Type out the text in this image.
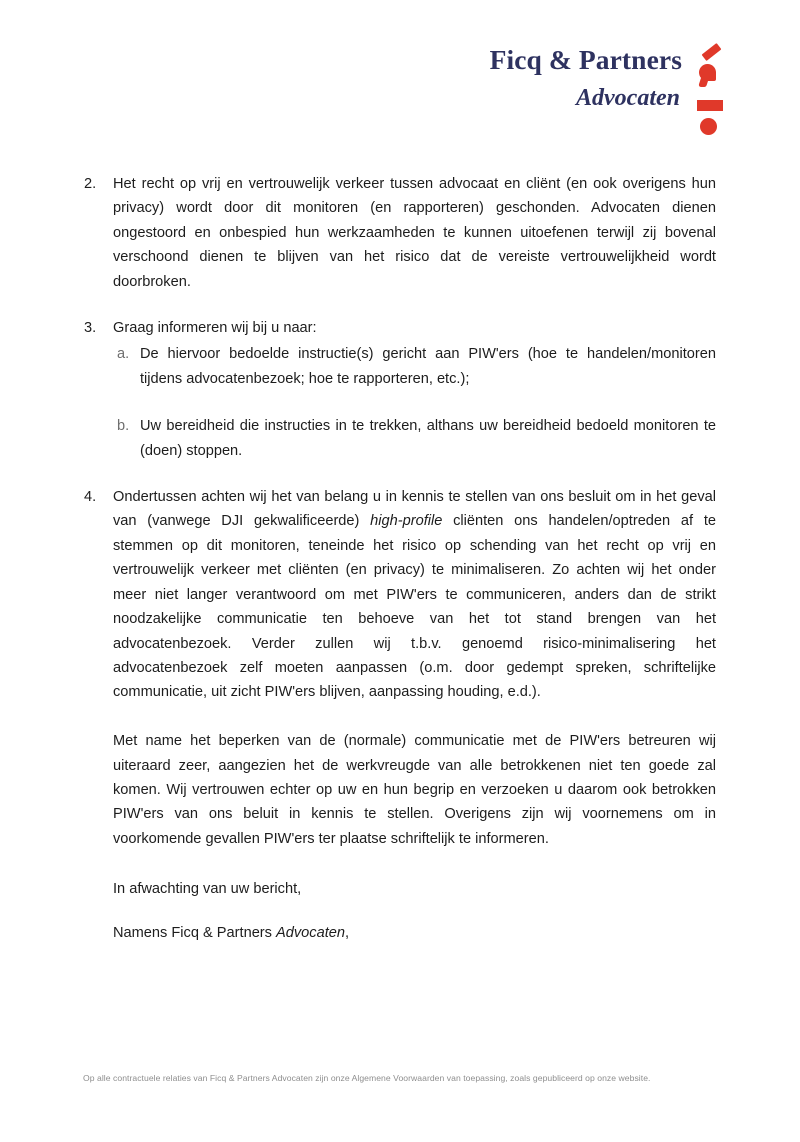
Ficq & Partners
Advocaten
2.	Het recht op vrij en vertrouwelijk verkeer tussen advocaat en cliënt (en ook overigens hun privacy) wordt door dit monitoren (en rapporteren) geschonden. Advocaten dienen ongestoord en onbespied hun werkzaamheden te kunnen uitoefenen terwijl zij bovenal verschoond dienen te blijven van het risico dat de vereiste vertrouwelijkheid wordt doorbroken.

3.	Graag informeren wij bij u naar:

a. De hiervoor bedoelde instructie(s) gericht aan PIW'ers (hoe te handelen/monitoren tijdens advocatenbezoek; hoe te rapporteren, etc.);

b. Uw bereidheid die instructies in te trekken, althans uw bereidheid bedoeld monitoren te (doen) stoppen.

4.	Ondertussen achten wij het van belang u in kennis te stellen van ons besluit om in het geval van (vanwege DJI gekwalificeerde) high-profile cliënten ons handelen/optreden af te stemmen op dit monitoren, teneinde het risico op schending van het recht op vrij en vertrouwelijk verkeer met cliënten (en privacy) te minimaliseren. Zo achten wij het onder meer niet langer verantwoord om met PIW'ers te communiceren, anders dan de strikt noodzakelijke communicatie ten behoeve van het tot stand brengen van het advocatenbezoek. Verder zullen wij t.b.v. genoemd risico-minimalisering het advocatenbezoek zelf moeten aanpassen (o.m. door gedempt spreken, schriftelijke communicatie, uit zicht PIW'ers blijven, aanpassing houding, e.d.).

Met name het beperken van de (normale) communicatie met de PIW'ers betreuren wij uiteraard zeer, aangezien het de werkvreugde van alle betrokkenen niet ten goede zal komen. Wij vertrouwen echter op uw en hun begrip en verzoeken u daarom ook betrokken PIW'ers van ons beluit in kennis te stellen. Overigens zijn wij voornemens om in voorkomende gevallen PIW'ers ter plaatse schriftelijk te informeren.

In afwachting van uw bericht,

Namens Ficq & Partners Advocaten,

Op alle contractuele relaties van Ficq & Partners Advocaten zijn onze Algemene Voorwaarden van toepassing, zoals gepubliceerd op onze website.
